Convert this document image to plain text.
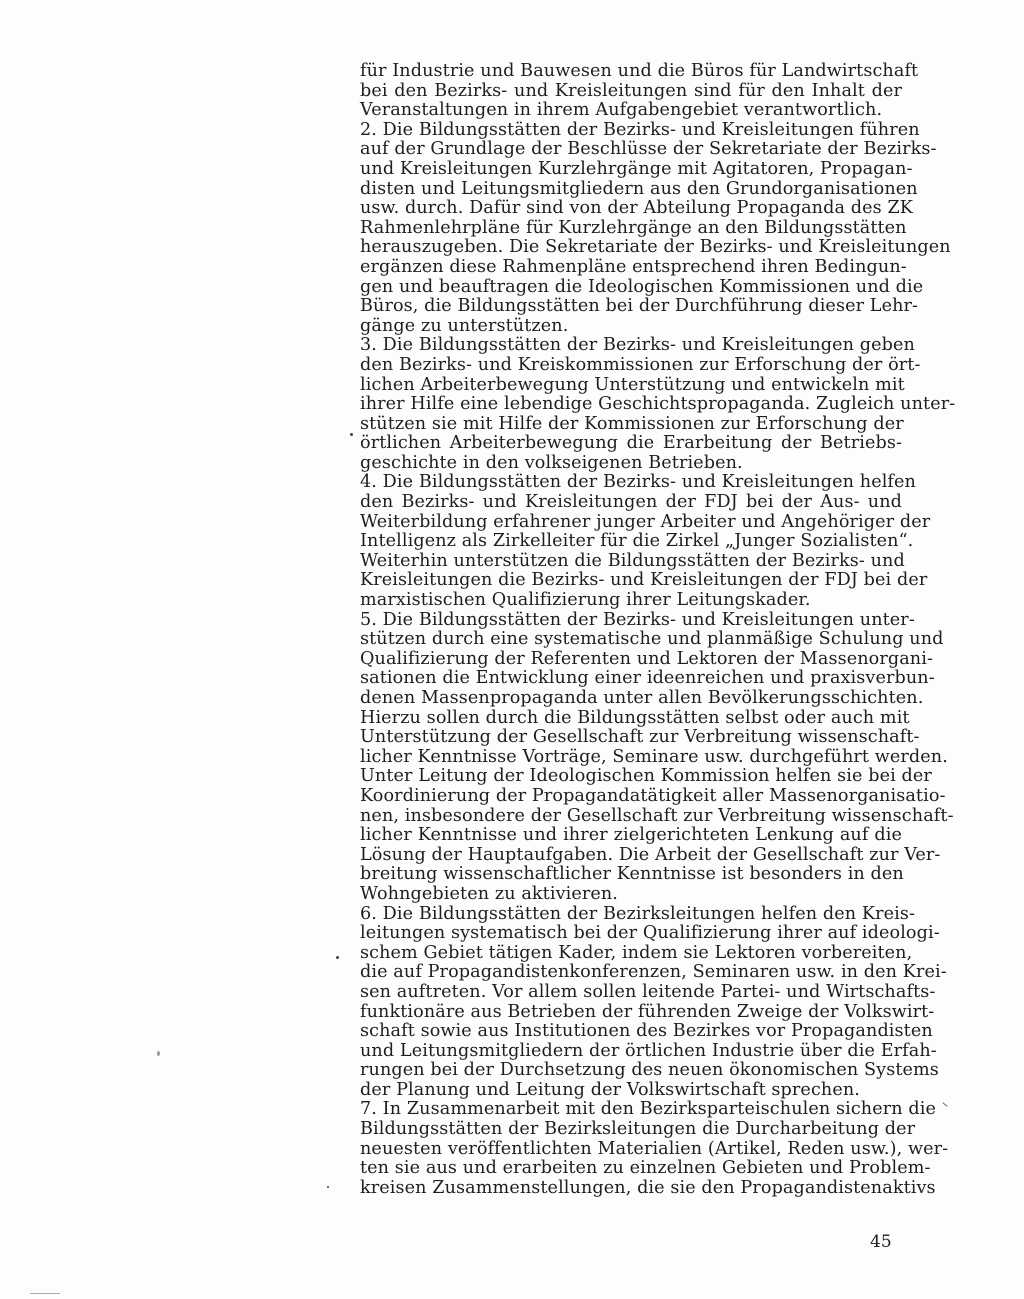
für Industrie und Bauwesen und die Büros für Landwirtschaft
bei den Bezirks- und Kreisleitungen sind für den Inhalt der
Veranstaltungen in ihrem Aufgabengebiet verantwortlich.

2. Die Bildungsstätten der Bezirks- und Kreisleitungen führen
auf der Grundlage der Beschlüsse der Sekretariate der Bezirks-
und Kreisleitungen Kurzlehrgänge mit Agitatoren, Propagan-
disten und Leitungsmitgliedern aus den Grundorganisationen
usw. durch. Dafür sind von der Abteilung Propaganda des ZK
Rahmenlehrpläne für Kurzlehrgänge an den Bildungsstätten
herauszugeben. Die Sekretariate der Bezirks- und Kreisleitungen
ergänzen diese Rahmenpläne entsprechend ihren Bedingun-
gen und beauftragen die Ideologischen Kommissionen und die
Büros, die Bildungsstätten bei der Durchführung dieser Lehr-
gänge zu unterstützen.

3. Die Bildungsstätten der Bezirks- und Kreisleitungen geben
den Bezirks- und Kreiskommissionen zur Erforschung der ört-
lichen Arbeiterbewegung Unterstützung und entwickeln mit
ihrer Hilfe eine lebendige Geschichtspropaganda. Zugleich unter-
stützen sie mit Hilfe der Kommissionen zur Erforschung der
örtlichen Arbeiterbewegung die Erarbeitung der Betriebs-
geschichte in den volkseigenen Betrieben.

4. Die Bildungsstätten der Bezirks- und Kreisleitungen helfen
den Bezirks- und Kreisleitungen der FDJ bei der Aus- und
Weiterbildung erfahrener junger Arbeiter und Angehöriger der
Intelligenz als Zirkelleiter für die Zirkel „Junger Sozialisten“.
Weiterhin unterstützen die Bildungsstätten der Bezirks- und
Kreisleitungen die Bezirks- und Kreisleitungen der FDJ bei der
marxistischen Qualifizierung ihrer Leitungskader.

5. Die Bildungsstätten der Bezirks- und Kreisleitungen unter-
stützen durch eine systematische und planmäßige Schulung und
Qualifizierung der Referenten und Lektoren der Massenorgani-
sationen die Entwicklung einer ideenreichen und praxisverbun-
denen Massenpropaganda unter allen Bevölkerungsschichten.
Hierzu sollen durch die Bildungsstätten selbst oder auch mit
Unterstützung der Gesellschaft zur Verbreitung wissenschaft-
licher Kenntnisse Vorträge, Seminare usw. durchgeführt werden.
Unter Leitung der Ideologischen Kommission helfen sie bei der
Koordinierung der Propagandatätigkeit aller Massenorganisatio-
nen, insbesondere der Gesellschaft zur Verbreitung wissenschaft-
licher Kenntnisse und ihrer zielgerichteten Lenkung auf die
Lösung der Hauptaufgaben. Die Arbeit der Gesellschaft zur Ver-
breitung wissenschaftlicher Kenntnisse ist besonders in den
Wohngebieten zu aktivieren.

6. Die Bildungsstätten der Bezirksleitungen helfen den Kreis-
leitungen systematisch bei der Qualifizierung ihrer auf ideologi-
schem Gebiet tätigen Kader, indem sie Lektoren vorbereiten,
die auf Propagandistenkonferenzen, Seminaren usw. in den Krei-
sen auftreten. Vor allem sollen leitende Partei- und Wirtschafts-
funktionäre aus Betrieben der führenden Zweige der Volkswirt-
schaft sowie aus Institutionen des Bezirkes vor Propagandisten
und Leitungsmitgliedern der örtlichen Industrie über die Erfah-
rungen bei der Durchsetzung des neuen ökonomischen Systems
der Planung und Leitung der Volkswirtschaft sprechen.

7. In Zusammenarbeit mit den Bezirksparteischulen sichern die
Bildungsstätten der Bezirksleitungen die Durcharbeitung der
neuesten veröffentlichten Materialien (Artikel, Reden usw.), wer-
ten sie aus und erarbeiten zu einzelnen Gebieten und Problem-
kreisen Zusammenstellungen, die sie den Propagandistenaktivs

45
